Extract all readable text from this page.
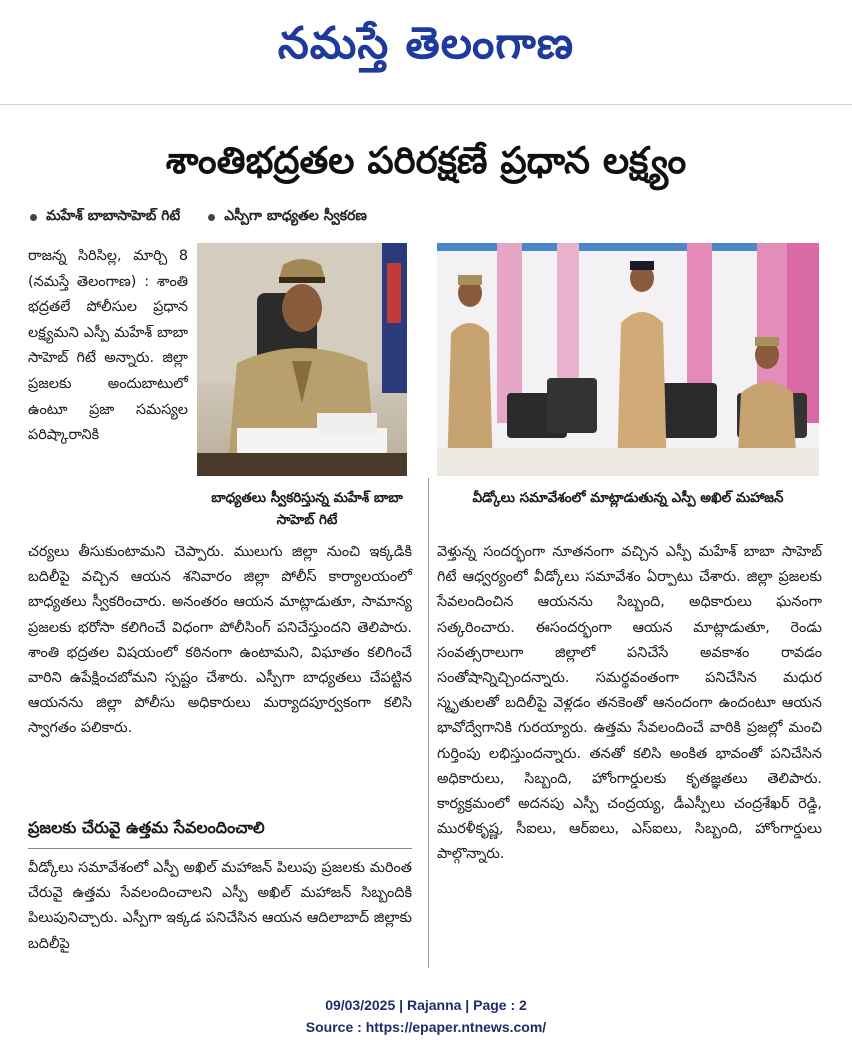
నమస్తే తెలంగాణ
శాంతిభద్రతల పరిరక్షణే ప్రధాన లక్ష్యం
మహేశ్ బాబాసాహెబ్ గిటే	ఎస్పీగా బాధ్యతల స్వీకరణ
రాజన్న సిరిసిల్ల, మార్చి 8 (నమస్తే తెలంగాణ) : శాంతి భద్రతలే పోలీసుల ప్రధాన లక్ష్యమని ఎస్పీ మహేశ్ బాబా సాహెబ్ గిటే అన్నారు. జిల్లా ప్రజలకు అందుబాటులో ఉంటూ ప్రజా సమస్యల పరిష్కారానికి
బాధ్యతలు స్వీకరిస్తున్న మహేశ్ బాబా సాహెబ్ గిటే
వీడ్కోలు సమావేశంలో మాట్లాడుతున్న ఎస్పీ అఖిల్ మహాజన్
చర్యలు తీసుకుంటామని చెప్పారు. ములుగు జిల్లా నుంచి ఇక్కడికి బదిలీపై వచ్చిన ఆయన శనివారం జిల్లా పోలీస్ కార్యాలయంలో బాధ్యతలు స్వీకరించారు. అనంతరం ఆయన మాట్లాడుతూ, సామాన్య ప్రజలకు భరోసా కలిగించే విధంగా పోలీసింగ్ పనిచేస్తుందని తెలిపారు. శాంతి భద్రతల విషయంలో కఠినంగా ఉంటామని, విఘాతం కలిగించే వారిని ఉపేక్షించబోమని స్పష్టం చేశారు. ఎస్పీగా బాధ్యతలు చేపట్టిన ఆయనను జిల్లా పోలీసు అధికారులు మర్యాదపూర్వకంగా కలిసి స్వాగతం పలికారు.
ప్రజలకు చేరువై ఉత్తమ సేవలందించాలి
వీడ్కోలు సమావేశంలో ఎస్పీ అఖిల్ మహాజన్ పిలుపు ప్రజలకు మరింత చేరువై ఉత్తమ సేవలందించాలని ఎస్పీ అఖిల్ మహాజన్ సిబ్బందికి పిలుపునిచ్చారు. ఎస్పీగా ఇక్కడ పనిచేసిన ఆయన ఆదిలాబాద్ జిల్లాకు బదిలీపై
వెళ్తున్న సందర్భంగా నూతనంగా వచ్చిన ఎస్పీ మహేశ్ బాబా సాహెబ్ గిటే ఆధ్వర్యంలో వీడ్కోలు సమావేశం ఏర్పాటు చేశారు. జిల్లా ప్రజలకు సేవలందించిన ఆయనను సిబ్బంది, అధికారులు ఘనంగా సత్కరించారు. ఈసందర్భంగా ఆయన మాట్లాడుతూ, రెండు సంవత్సరాలుగా జిల్లాలో పనిచేసే అవకాశం రావడం సంతోషాన్నిచ్చిందన్నారు. సమర్థవంతంగా పనిచేసిన మధుర స్మృతులతో బదిలీపై వెళ్లడం తనకెంతో ఆనందంగా ఉందంటూ ఆయన భావోద్వేగానికి గురయ్యారు. ఉత్తమ సేవలందించే వారికి ప్రజల్లో మంచి గుర్తింపు లభిస్తుందన్నారు. తనతో కలిసి అంకిత భావంతో పనిచేసిన అధికారులు, సిబ్బంది, హోంగార్డులకు కృతజ్ఞతలు తెలిపారు. కార్యక్రమంలో అదనపు ఎస్పీ చంద్రయ్య, డీఎస్పీలు చంద్రశేఖర్ రెడ్డి, మురళీకృష్ణ, సీఐలు, ఆర్ఐలు, ఎస్ఐలు, సిబ్బంది, హోంగార్డులు పాల్గొన్నారు.
09/03/2025 | Rajanna | Page : 2
Source : https://epaper.ntnews.com/
